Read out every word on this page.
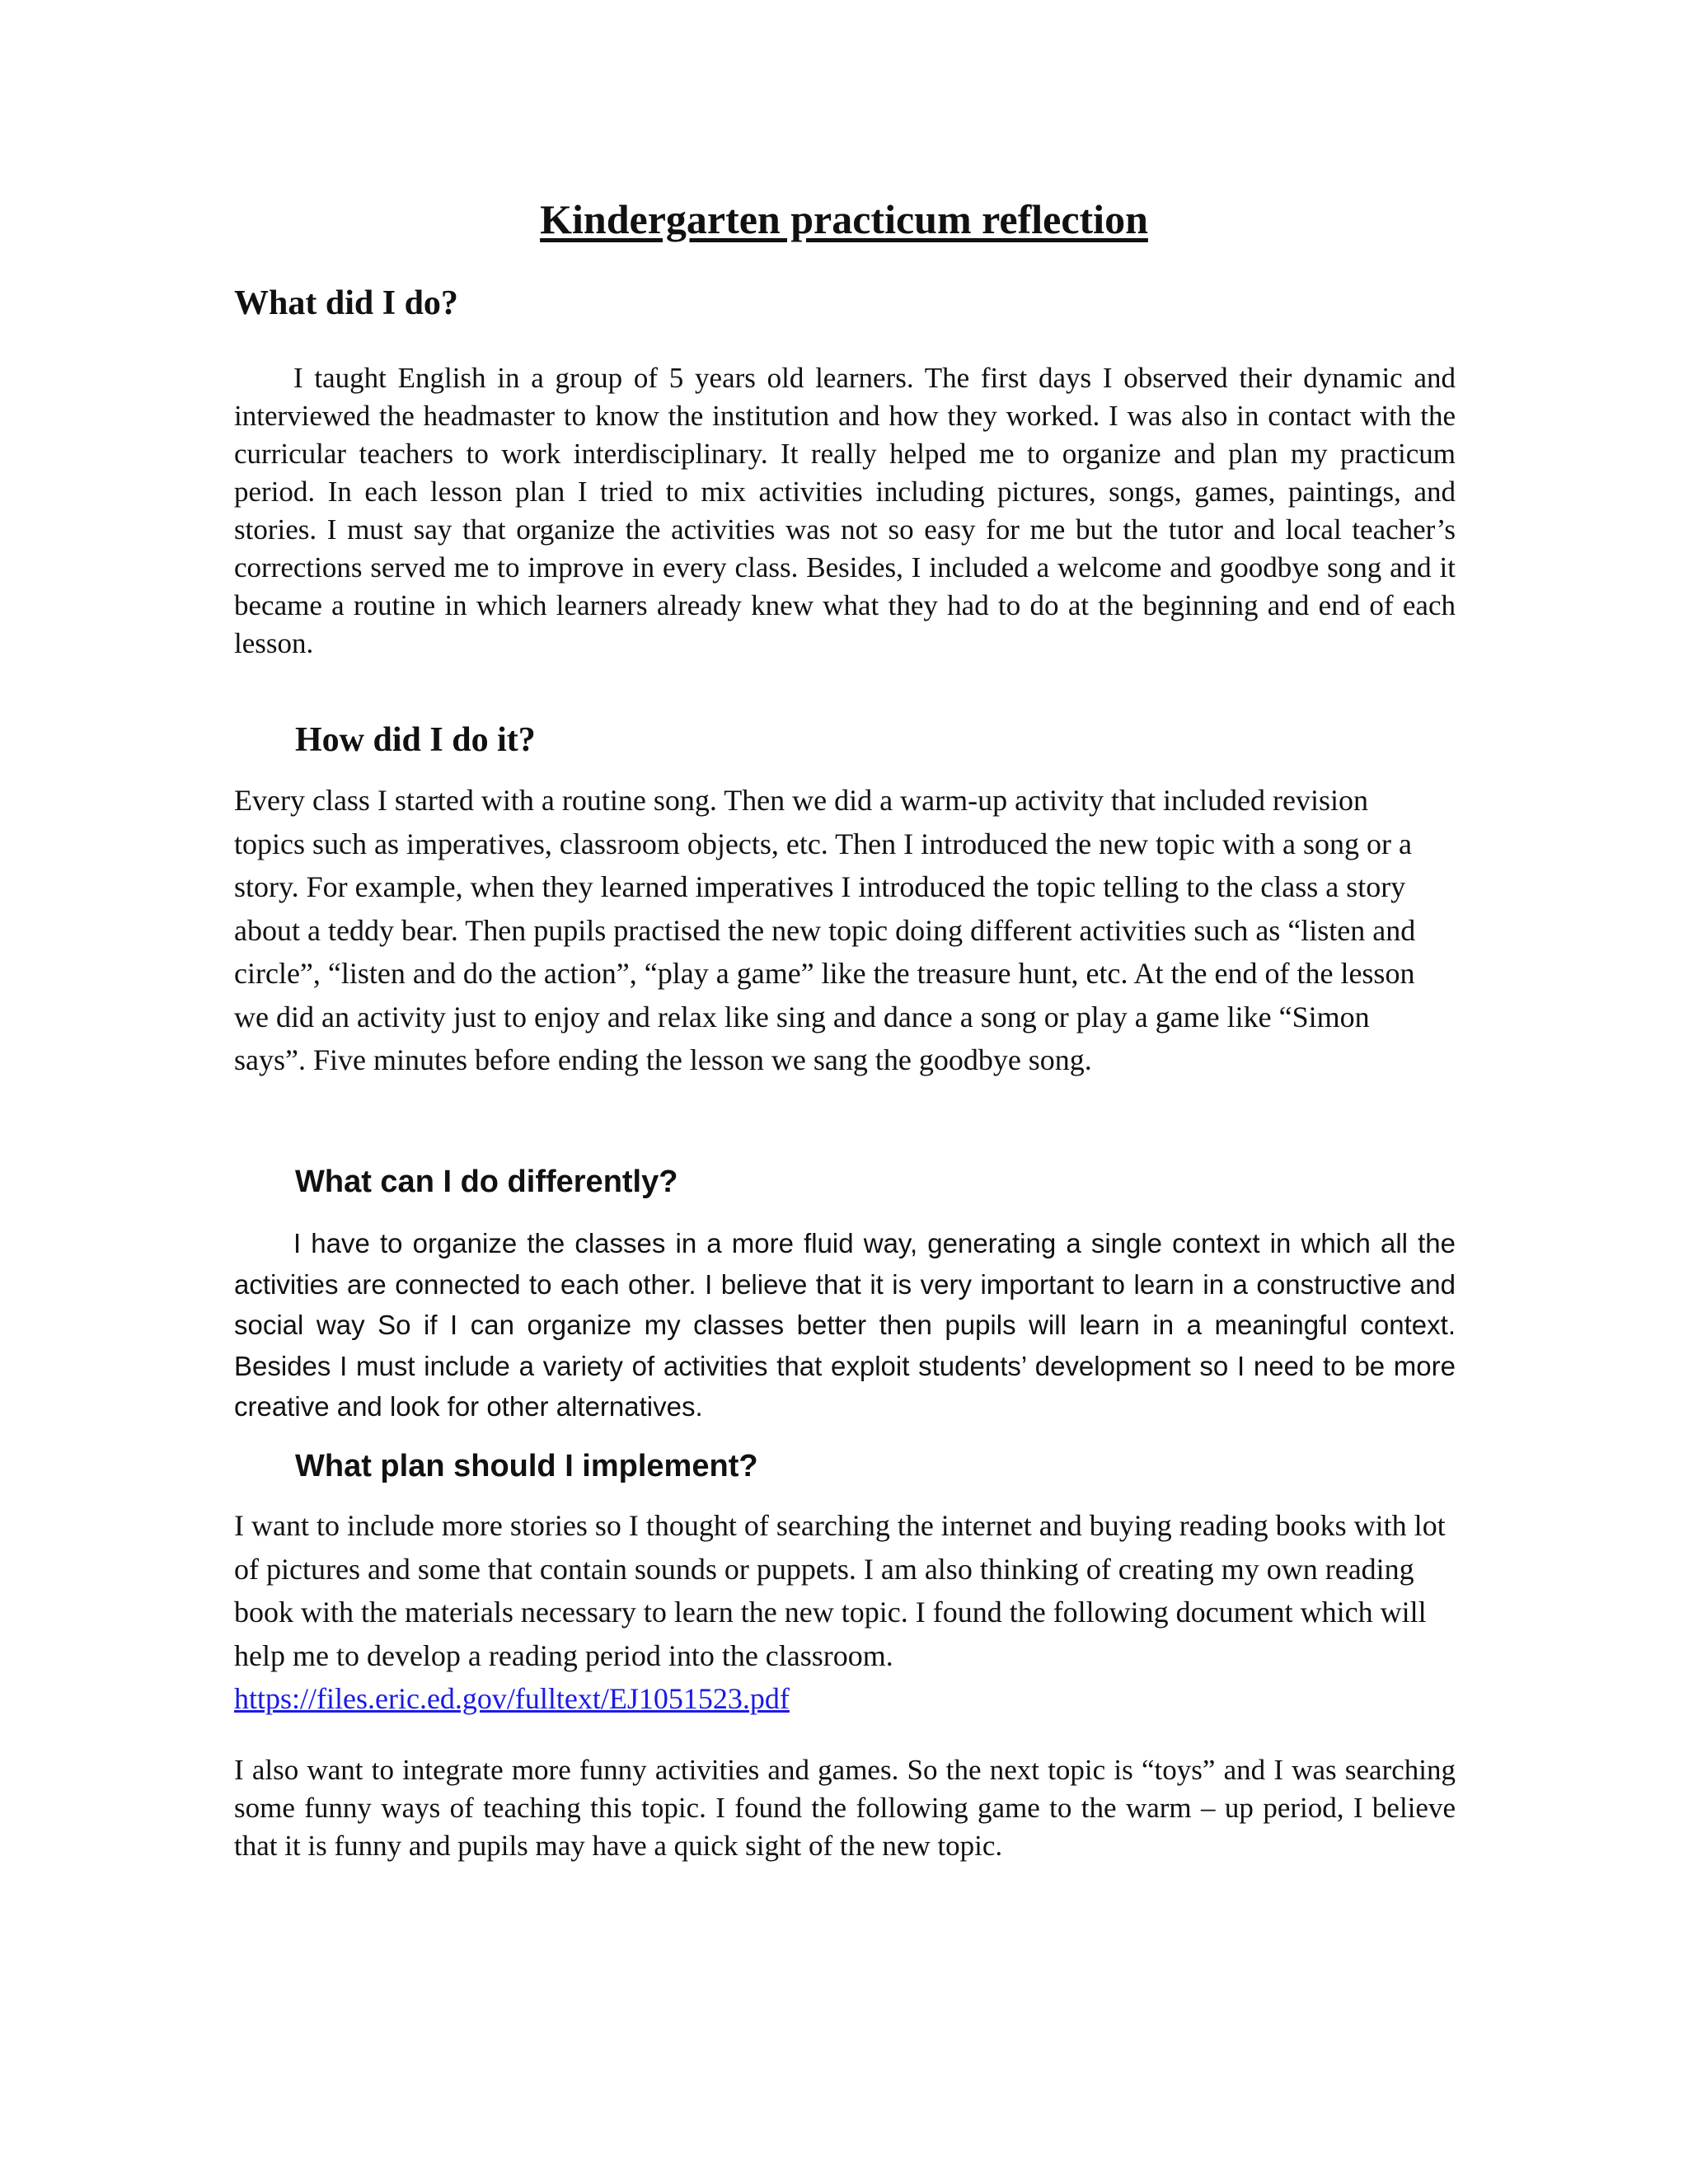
Kindergarten practicum reflection
What did I do?

I taught English in a group of 5 years old learners. The first days I observed their dynamic and interviewed the headmaster to know the institution and how they worked. I was also in contact with the curricular teachers to work interdisciplinary. It really helped me to organize and plan my practicum period. In each lesson plan I tried to mix activities including pictures, songs, games, paintings, and stories. I must say that organize the activities was not so easy for me but the tutor and local teacher’s corrections served me to improve in every class. Besides, I included a welcome and goodbye song and it became a routine in which learners already knew what they had to do at the beginning and end of each lesson.

How did I do it?

Every class I started with a routine song. Then we did a warm-up activity that included revision topics such as imperatives, classroom objects, etc. Then I introduced the new topic with a song or a story. For example, when they learned imperatives I introduced the topic telling to the class a story about a teddy bear. Then pupils practised the new topic doing different activities such as “listen and circle”, “listen and do the action”, “play a game” like the treasure hunt, etc. At the end of the lesson we did an activity just to enjoy and relax like sing and dance a song or play a game like “Simon says”. Five minutes before ending the lesson we sang the goodbye song.

What can I do differently?

I have to organize the classes in a more fluid way, generating a single context in which all the activities are connected to each other. I believe that it is very important to learn in a constructive and social way So if I can organize my classes better then pupils will learn in a meaningful context. Besides I must include a variety of activities that exploit students’ development so I need to be more creative and look for other alternatives.

What plan should I implement?

I want to include more stories so I thought of searching the internet and buying reading books with lot of pictures and some that contain sounds or puppets. I am also thinking of creating my own reading book with the materials necessary to learn the new topic. I found the following document which will help me to develop a reading period into the classroom.

https://files.eric.ed.gov/fulltext/EJ1051523.pdf

I also want to integrate more funny activities and games. So the next topic is “toys” and I was searching some funny ways of teaching this topic. I found the following game to the warm – up period, I believe that it is funny and pupils may have a quick sight of the new topic.
